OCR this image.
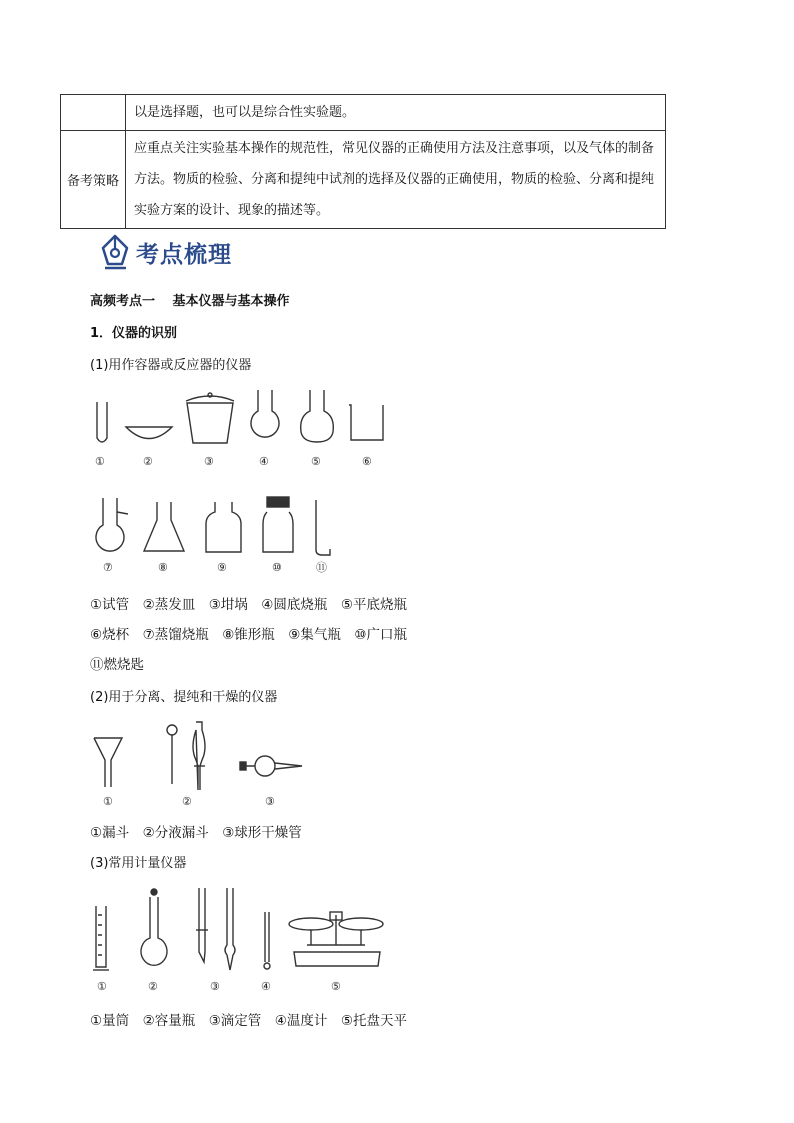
	以是选择题，也可以是综合性实验题。
备考策略	应重点关注实验基本操作的规范性，常见仪器的正确使用方法及注意事项，以及气体的制备方法。物质的检验、分离和提纯中试剂的选择及仪器的正确使用，物质的检验、分离和提纯实验方案的设计、现象的描述等。
考点梳理
高频考点一　 基本仪器与基本操作
1．仪器的识别
(1)用作容器或反应器的仪器
①	②	③	④	⑤	⑥
⑦	⑧	⑨	⑩	⑪
①	②	③
①	②	③	④	⑤
①试管　②蒸发皿　③坩埚　④圆底烧瓶　⑤平底烧瓶
⑥烧杯　⑦蒸馏烧瓶　⑧锥形瓶　⑨集气瓶　⑩广口瓶
⑪燃烧匙
(2)用于分离、提纯和干燥的仪器
①漏斗　②分液漏斗　③球形干燥管
(3)常用计量仪器
①量筒　②容量瓶　③滴定管　④温度计　⑤托盘天平
